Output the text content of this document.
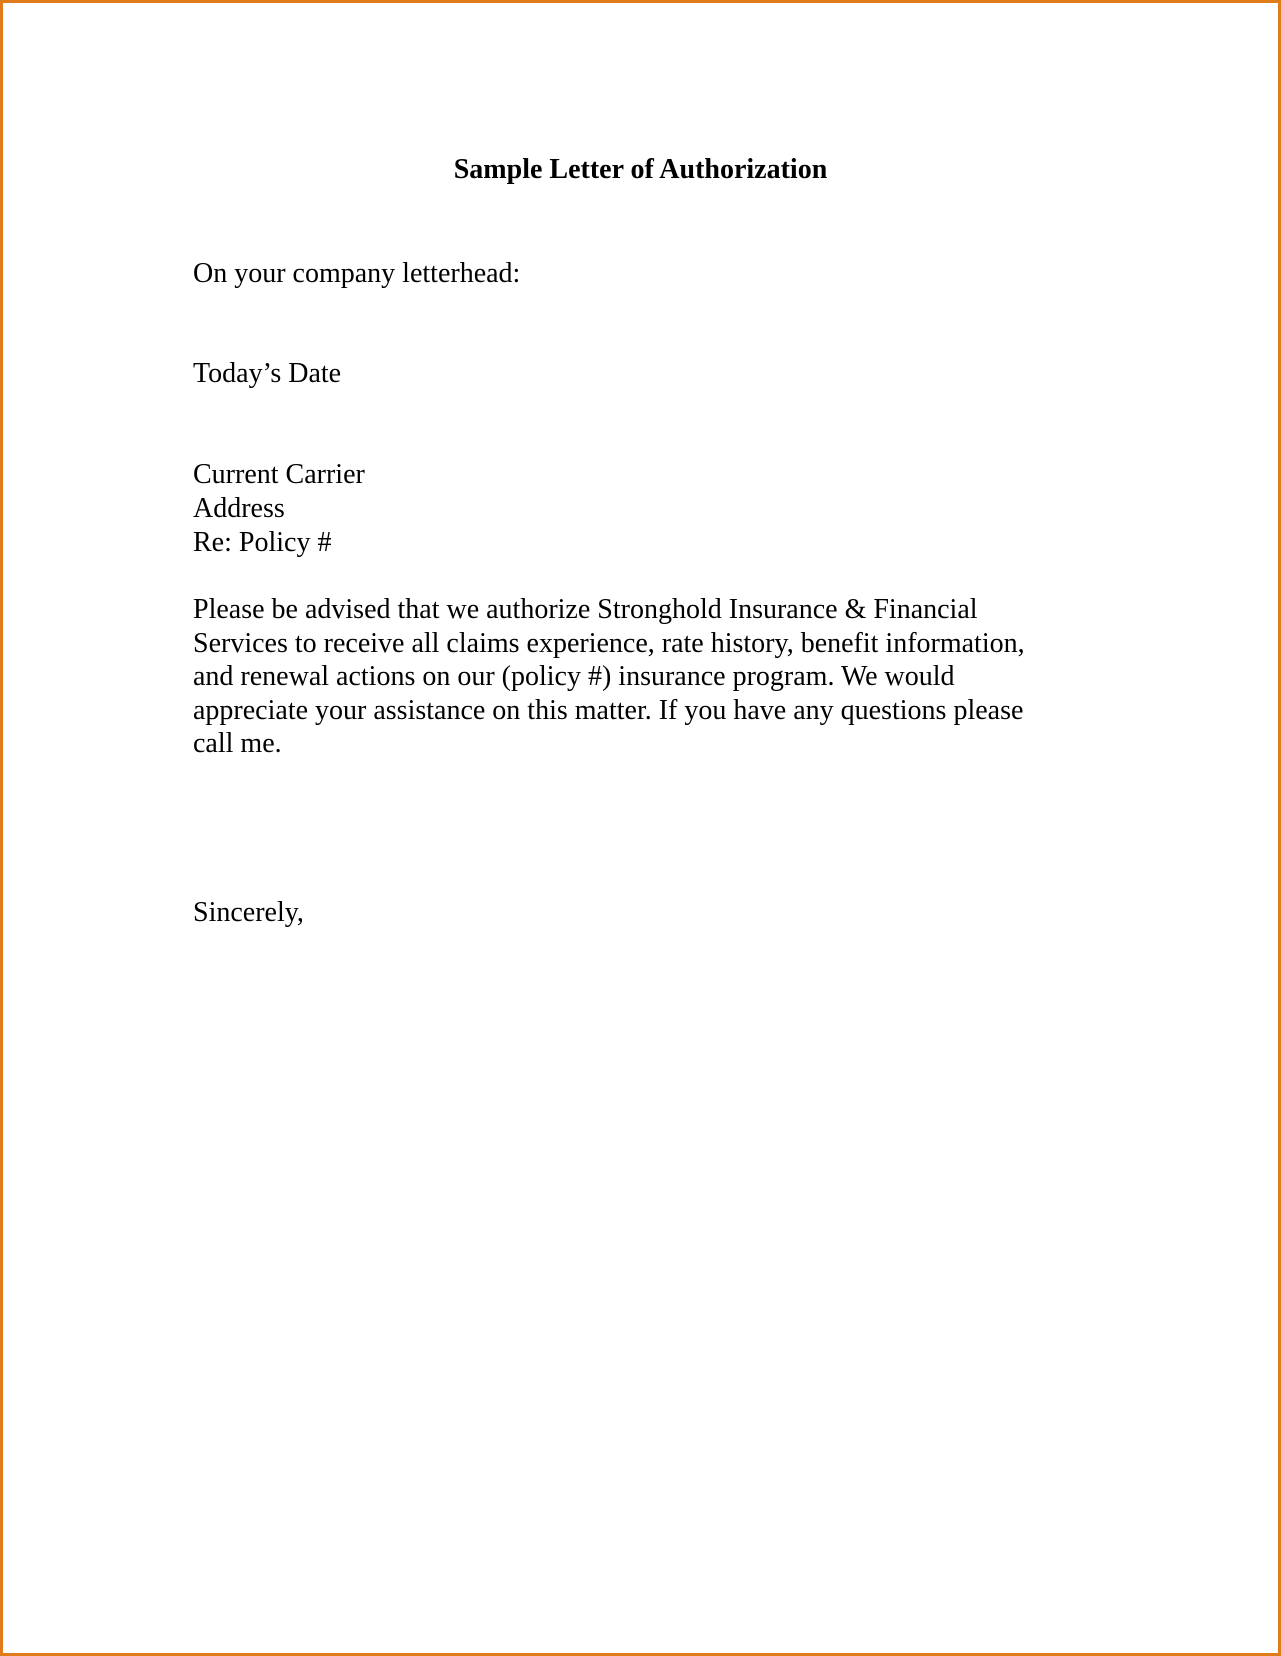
Sample Letter of Authorization
On your company letterhead:
Today’s Date
Current Carrier
Address
Re: Policy #
Please be advised that we authorize Stronghold Insurance & Financial
Services to receive all claims experience, rate history, benefit information,
and renewal actions on our (policy #) insurance program. We would
appreciate your assistance on this matter. If you have any questions please
call me.
Sincerely,
